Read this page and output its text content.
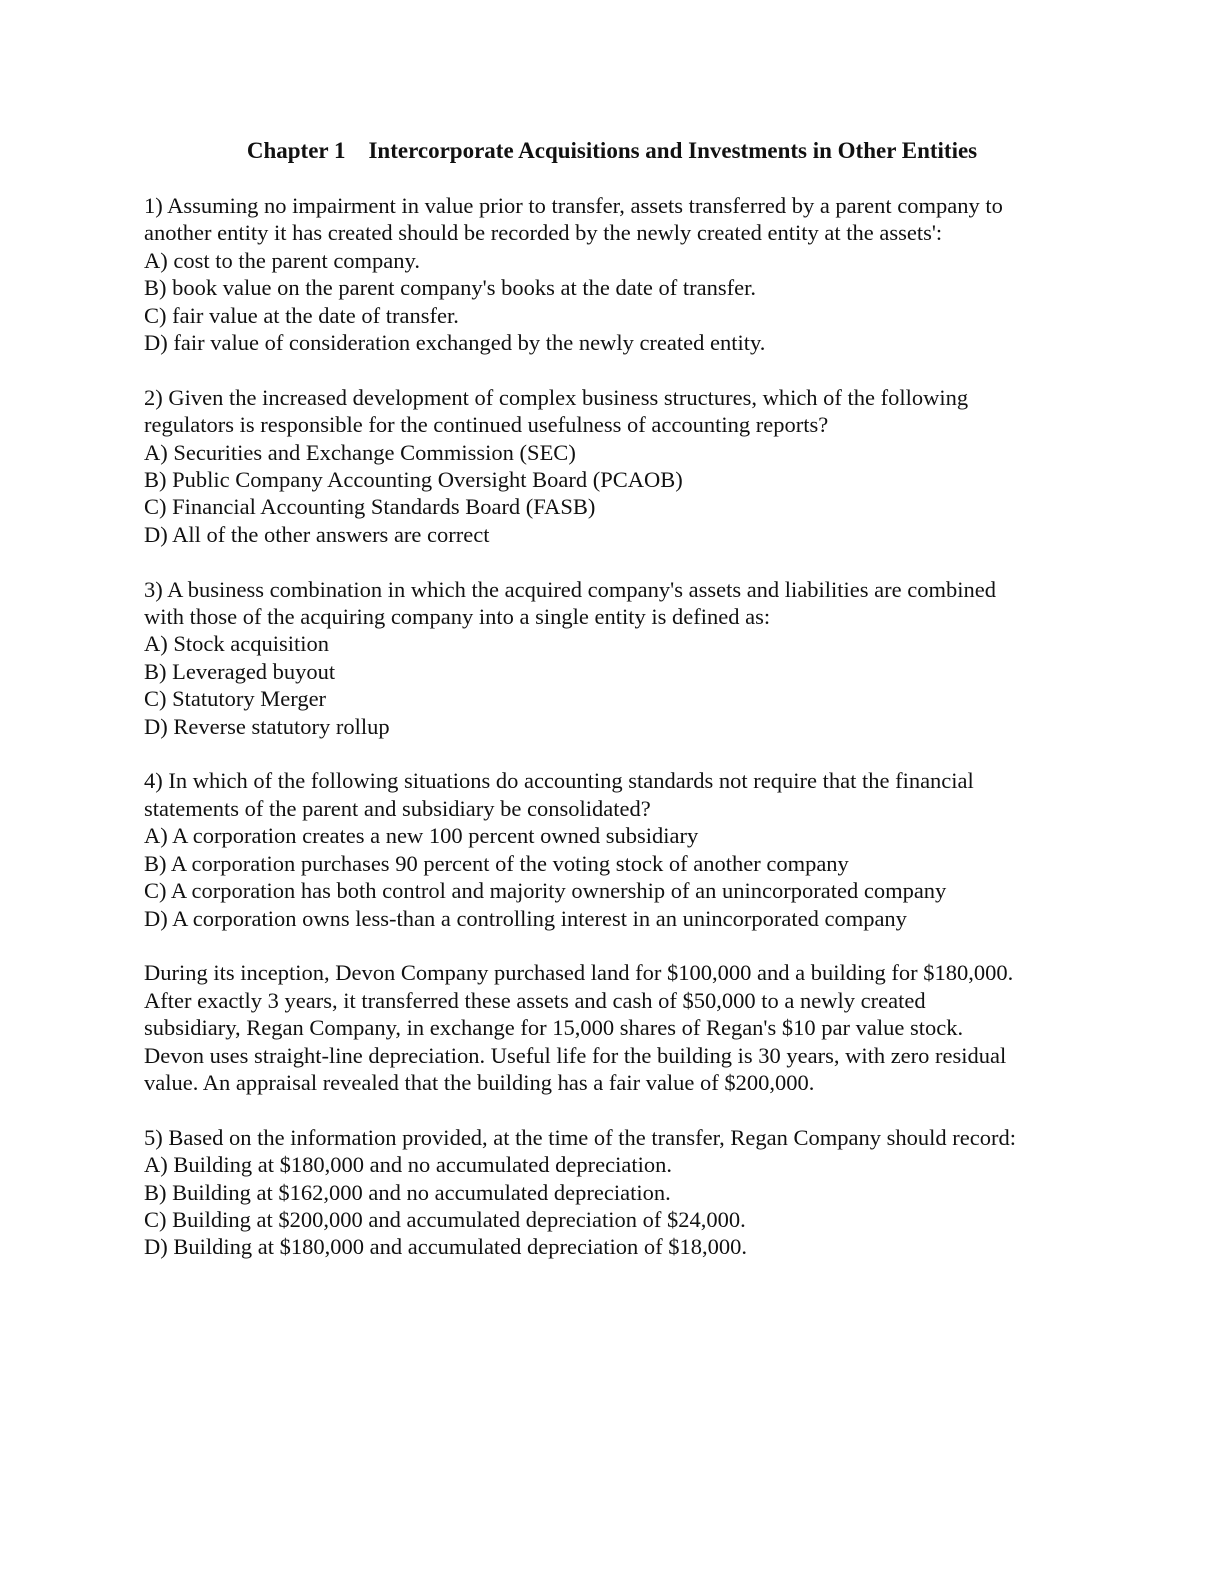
Chapter 1 Intercorporate Acquisitions and Investments in Other Entities
1) Assuming no impairment in value prior to transfer, assets transferred by a parent company to
another entity it has created should be recorded by the newly created entity at the assets':
A) cost to the parent company.
B) book value on the parent company's books at the date of transfer.
C) fair value at the date of transfer.
D) fair value of consideration exchanged by the newly created entity.
2) Given the increased development of complex business structures, which of the following
regulators is responsible for the continued usefulness of accounting reports?
A) Securities and Exchange Commission (SEC)
B) Public Company Accounting Oversight Board (PCAOB)
C) Financial Accounting Standards Board (FASB)
D) All of the other answers are correct
3) A business combination in which the acquired company's assets and liabilities are combined
with those of the acquiring company into a single entity is defined as:
A) Stock acquisition
B) Leveraged buyout
C) Statutory Merger
D) Reverse statutory rollup
4) In which of the following situations do accounting standards not require that the financial
statements of the parent and subsidiary be consolidated?
A) A corporation creates a new 100 percent owned subsidiary
B) A corporation purchases 90 percent of the voting stock of another company
C) A corporation has both control and majority ownership of an unincorporated company
D) A corporation owns less-than a controlling interest in an unincorporated company
During its inception, Devon Company purchased land for $100,000 and a building for $180,000.
After exactly 3 years, it transferred these assets and cash of $50,000 to a newly created
subsidiary, Regan Company, in exchange for 15,000 shares of Regan's $10 par value stock.
Devon uses straight-line depreciation. Useful life for the building is 30 years, with zero residual
value. An appraisal revealed that the building has a fair value of $200,000.
5) Based on the information provided, at the time of the transfer, Regan Company should record:
A) Building at $180,000 and no accumulated depreciation.
B) Building at $162,000 and no accumulated depreciation.
C) Building at $200,000 and accumulated depreciation of $24,000.
D) Building at $180,000 and accumulated depreciation of $18,000.
